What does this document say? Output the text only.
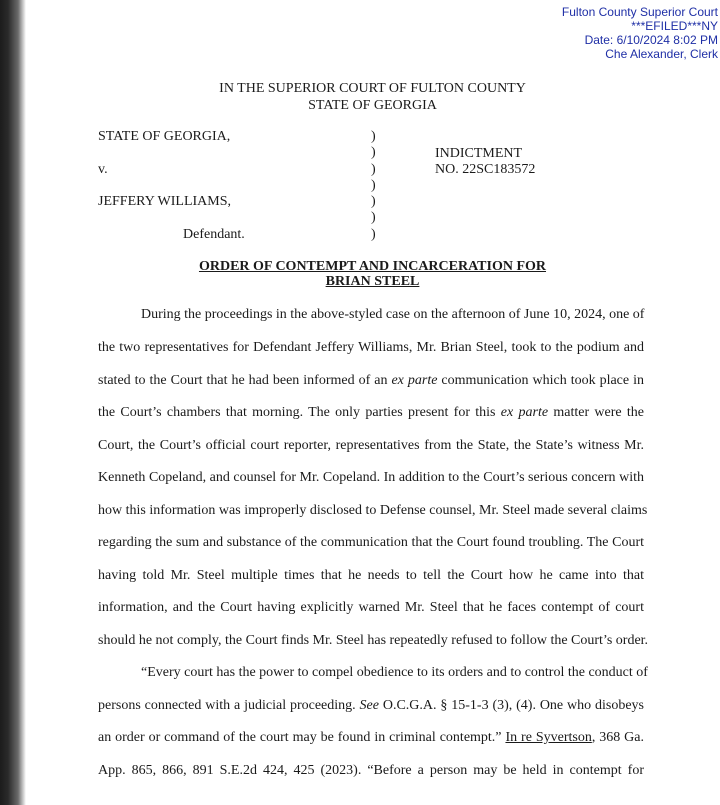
Fulton County Superior Court
***EFILED***NY
Date: 6/10/2024 8:02 PM
Che Alexander, Clerk
IN THE SUPERIOR COURT OF FULTON COUNTY
STATE OF GEORGIA
STATE OF GEORGIA,
v.
JEFFERY WILLIAMS,
Defendant.
)
)
)
)
)
)
)
INDICTMENT
NO. 22SC183572
ORDER OF CONTEMPT AND INCARCERATION FOR
BRIAN STEEL
During the proceedings in the above-styled case on the afternoon of June 10, 2024, one of
the two representatives for Defendant Jeffery Williams, Mr. Brian Steel, took to the podium and
stated to the Court that he had been informed of an ex parte communication which took place in
the Court’s chambers that morning. The only parties present for this ex parte matter were the
Court, the Court’s official court reporter, representatives from the State, the State’s witness Mr.
Kenneth Copeland, and counsel for Mr. Copeland. In addition to the Court’s serious concern with
how this information was improperly disclosed to Defense counsel, Mr. Steel made several claims
regarding the sum and substance of the communication that the Court found troubling. The Court
having told Mr. Steel multiple times that he needs to tell the Court how he came into that
information, and the Court having explicitly warned Mr. Steel that he faces contempt of court
should he not comply, the Court finds Mr. Steel has repeatedly refused to follow the Court’s order.
“Every court has the power to compel obedience to its orders and to control the conduct of
persons connected with a judicial proceeding. See O.C.G.A. § 15-1-3 (3), (4). One who disobeys
an order or command of the court may be found in criminal contempt.” In re Syvertson, 368 Ga.
App. 865, 866, 891 S.E.2d 424, 425 (2023). “Before a person may be held in contempt for
